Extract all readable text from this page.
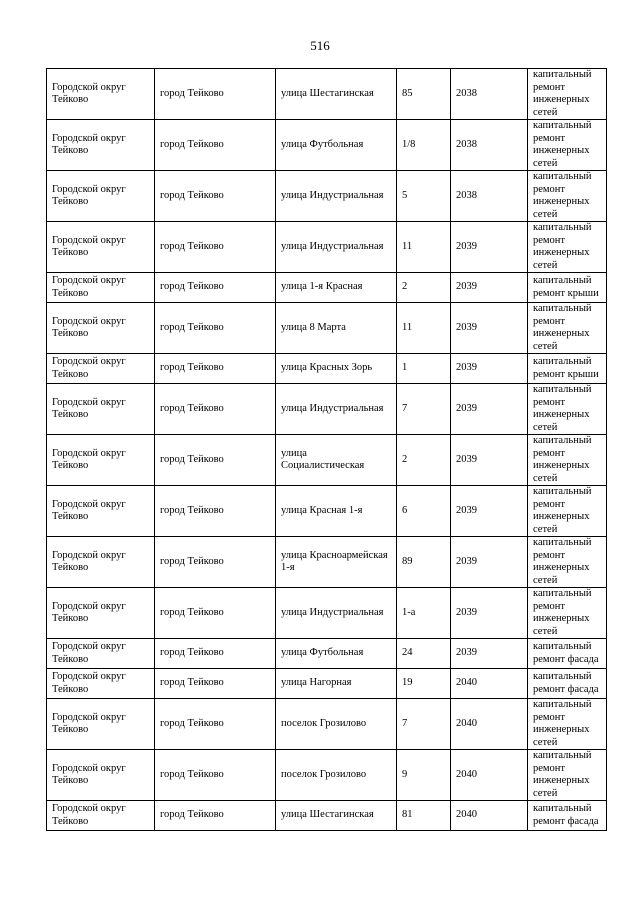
516
Городской округ Тейково	город Тейково	улица Шестагинская	85	2038	капитальный ремонт инженерных сетей
Городской округ Тейково	город Тейково	улица Футбольная	1/8	2038	капитальный ремонт инженерных сетей
Городской округ Тейково	город Тейково	улица Индустриальная	5	2038	капитальный ремонт инженерных сетей
Городской округ Тейково	город Тейково	улица Индустриальная	11	2039	капитальный ремонт инженерных сетей
Городской округ Тейково	город Тейково	улица 1-я Красная	2	2039	капитальный ремонт крыши
Городской округ Тейково	город Тейково	улица 8 Марта	11	2039	капитальный ремонт инженерных сетей
Городской округ Тейково	город Тейково	улица Красных Зорь	1	2039	капитальный ремонт крыши
Городской округ Тейково	город Тейково	улица Индустриальная	7	2039	капитальный ремонт инженерных сетей
Городской округ Тейково	город Тейково	улица Социалистическая	2	2039	капитальный ремонт инженерных сетей
Городской округ Тейково	город Тейково	улица Красная 1-я	6	2039	капитальный ремонт инженерных сетей
Городской округ Тейково	город Тейково	улица Красноармейская 1-я	89	2039	капитальный ремонт инженерных сетей
Городской округ Тейково	город Тейково	улица Индустриальная	1-а	2039	капитальный ремонт инженерных сетей
Городской округ Тейково	город Тейково	улица Футбольная	24	2039	капитальный ремонт фасада
Городской округ Тейково	город Тейково	улица Нагорная	19	2040	капитальный ремонт фасада
Городской округ Тейково	город Тейково	поселок Грозилово	7	2040	капитальный ремонт инженерных сетей
Городской округ Тейково	город Тейково	поселок Грозилово	9	2040	капитальный ремонт инженерных сетей
Городской округ Тейково	город Тейково	улица Шестагинская	81	2040	капитальный ремонт фасада
